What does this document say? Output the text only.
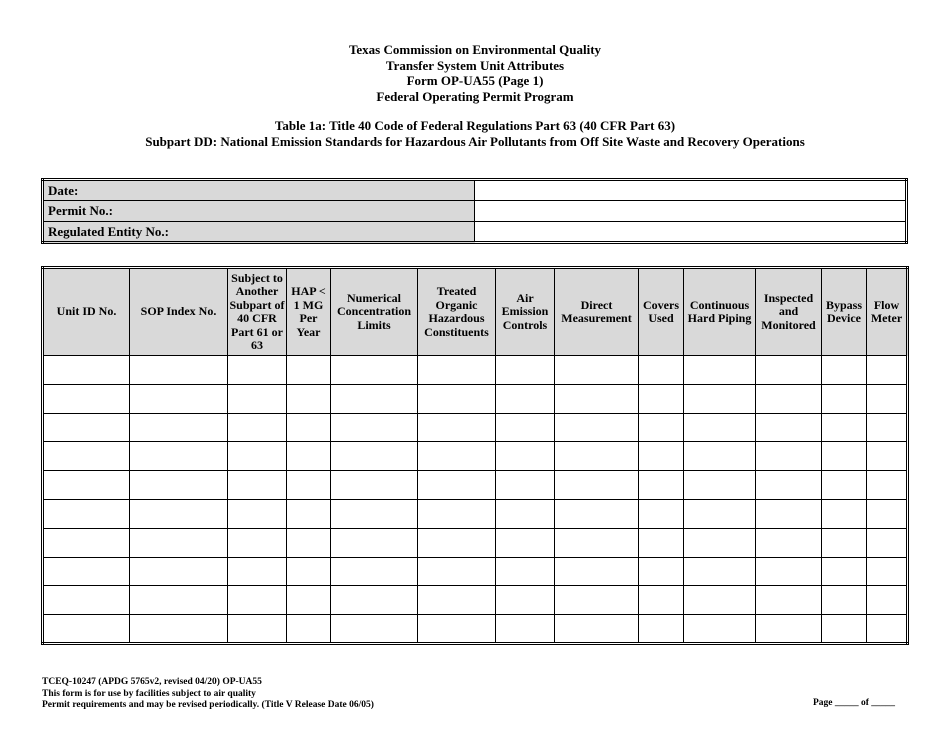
Texas Commission on Environmental Quality
Transfer System Unit Attributes
Form OP-UA55 (Page 1)
Federal Operating Permit Program
Table 1a: Title 40 Code of Federal Regulations Part 63 (40 CFR Part 63)
Subpart DD: National Emission Standards for Hazardous Air Pollutants from Off Site Waste and Recovery Operations
Date:	
Permit No.:	
Regulated Entity No.:	
Unit ID No.	SOP Index No.	Subject to Another Subpart of 40 CFR Part 61 or 63	HAP < 1 MG Per Year	Numerical Concentration Limits	Treated Organic Hazardous Constituents	Air Emission Controls	Direct Measurement	Covers Used	Continuous Hard Piping	Inspected and Monitored	Bypass Device	Flow Meter

TCEQ-10247 (APDG 5765v2, revised 04/20) OP-UA55
This form is for use by facilities subject to air quality
Permit requirements and may be revised periodically. (Title V Release Date 06/05)	Page _____ of _____
